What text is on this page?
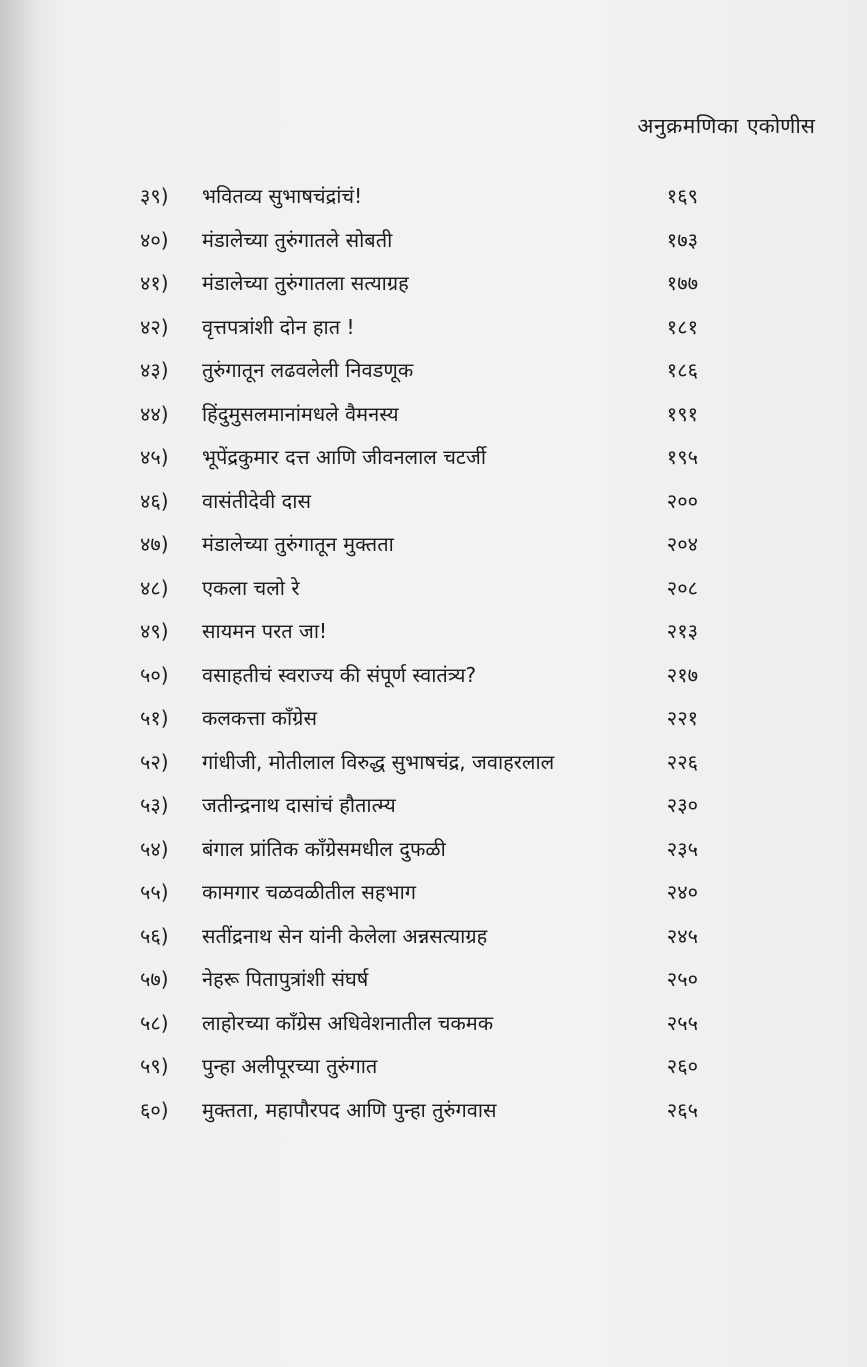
अनुक्रमणिका एकोणीस
३९) भवितव्य सुभाषचंद्रांचं!	१६९
४०) मंडालेच्या तुरुंगातले सोबती	१७३
४१) मंडालेच्या तुरुंगातला सत्याग्रह	१७७
४२) वृत्तपत्रांशी दोन हात !	१८१
४३) तुरुंगातून लढवलेली निवडणूक	१८६
४४) हिंदुमुसलमानांमधले वैमनस्य	१९१
४५) भूपेंद्रकुमार दत्त आणि जीवनलाल चटर्जी	१९५
४६) वासंतीदेवी दास	२००
४७) मंडालेच्या तुरुंगातून मुक्तता	२०४
४८) एकला चलो रे	२०८
४९) सायमन परत जा!	२१३
५०) वसाहतीचं स्वराज्य की संपूर्ण स्वातंत्र्य?	२१७
५१) कलकत्ता काँग्रेस	२२१
५२) गांधीजी, मोतीलाल विरुद्ध सुभाषचंद्र, जवाहरलाल	२२६
५३) जतीन्द्रनाथ दासांचं हौतात्म्य	२३०
५४) बंगाल प्रांतिक काँग्रेसमधील दुफळी	२३५
५५) कामगार चळवळीतील सहभाग	२४०
५६) सतींद्रनाथ सेन यांनी केलेला अन्नसत्याग्रह	२४५
५७) नेहरू पितापुत्रांशी संघर्ष	२५०
५८) लाहोरच्या काँग्रेस अधिवेशनातील चकमक	२५५
५९) पुन्हा अलीपूरच्या तुरुंगात	२६०
६०) मुक्तता, महापौरपद आणि पुन्हा तुरुंगवास	२६५
